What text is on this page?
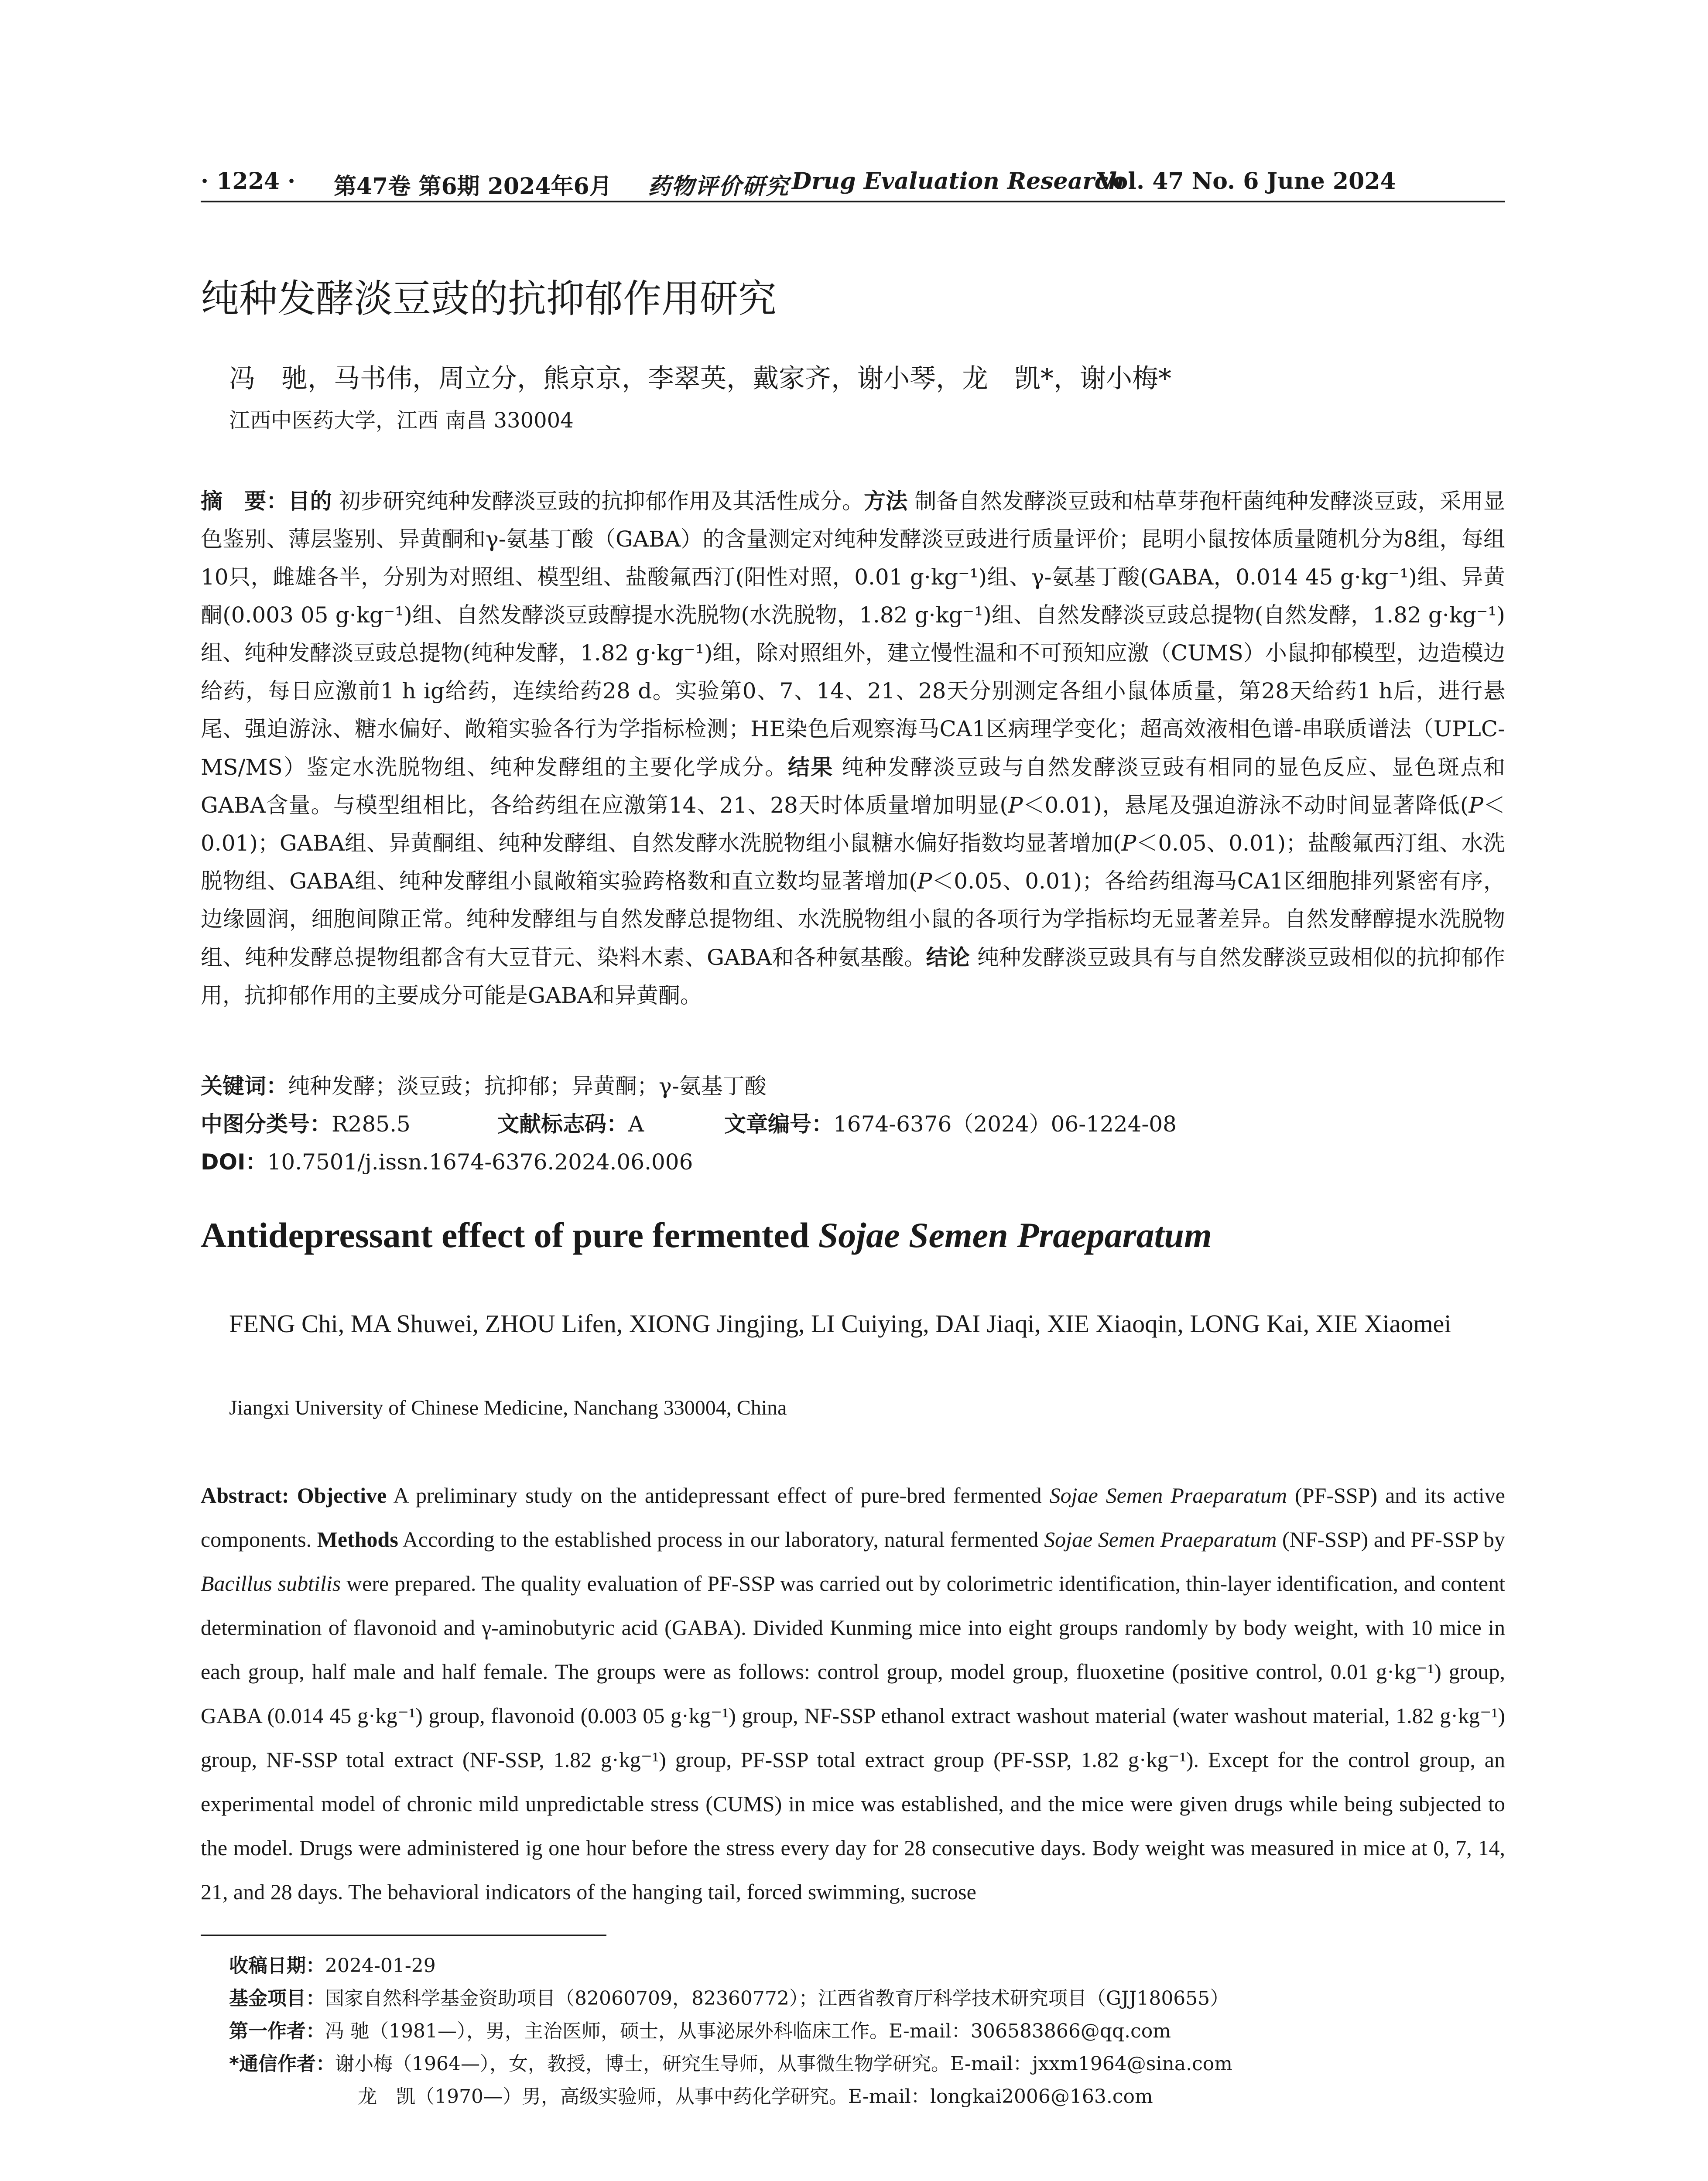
· 1224 · 第47卷 第6期 2024年6月 药物评价研究 Drug Evaluation Research
Vol. 47 No. 6 June 2024
纯种发酵淡豆豉的抗抑郁作用研究
冯　驰，马书伟，周立分，熊京京，李翠英，戴家齐，谢小琴，龙　凯*，谢小梅*
江西中医药大学，江西 南昌 330004
摘　要：目的 初步研究纯种发酵淡豆豉的抗抑郁作用及其活性成分。方法 制备自然发酵淡豆豉和枯草芽孢杆菌纯种发酵淡豆豉，采用显色鉴别、薄层鉴别、异黄酮和γ-氨基丁酸（GABA）的含量测定对纯种发酵淡豆豉进行质量评价；昆明小鼠按体质量随机分为8组，每组10只，雌雄各半，分别为对照组、模型组、盐酸氟西汀(阳性对照，0.01 g·kg⁻¹)组、γ-氨基丁酸(GABA，0.014 45 g·kg⁻¹)组、异黄酮(0.003 05 g·kg⁻¹)组、自然发酵淡豆豉醇提水洗脱物(水洗脱物，1.82 g·kg⁻¹)组、自然发酵淡豆豉总提物(自然发酵，1.82 g·kg⁻¹)组、纯种发酵淡豆豉总提物(纯种发酵，1.82 g·kg⁻¹)组，除对照组外，建立慢性温和不可预知应激（CUMS）小鼠抑郁模型，边造模边给药，每日应激前1 h ig给药，连续给药28 d。实验第0、7、14、21、28天分别测定各组小鼠体质量，第28天给药1 h后，进行悬尾、强迫游泳、糖水偏好、敞箱实验各行为学指标检测；HE染色后观察海马CA1区病理学变化；超高效液相色谱-串联质谱法（UPLC-MS/MS）鉴定水洗脱物组、纯种发酵组的主要化学成分。结果 纯种发酵淡豆豉与自然发酵淡豆豉有相同的显色反应、显色斑点和GABA含量。与模型组相比，各给药组在应激第14、21、28天时体质量增加明显(P＜0.01)，悬尾及强迫游泳不动时间显著降低(P＜0.01)；GABA组、异黄酮组、纯种发酵组、自然发酵水洗脱物组小鼠糖水偏好指数均显著增加(P＜0.05、0.01)；盐酸氟西汀组、水洗脱物组、GABA组、纯种发酵组小鼠敞箱实验跨格数和直立数均显著增加(P＜0.05、0.01)；各给药组海马CA1区细胞排列紧密有序，边缘圆润，细胞间隙正常。纯种发酵组与自然发酵总提物组、水洗脱物组小鼠的各项行为学指标均无显著差异。自然发酵醇提水洗脱物组、纯种发酵总提物组都含有大豆苷元、染料木素、GABA和各种氨基酸。结论 纯种发酵淡豆豉具有与自然发酵淡豆豉相似的抗抑郁作用，抗抑郁作用的主要成分可能是GABA和异黄酮。
关键词：纯种发酵；淡豆豉；抗抑郁；异黄酮；γ-氨基丁酸
中图分类号：R285.5	文献标志码：A	文章编号：1674-6376（2024）06-1224-08
DOI：10.7501/j.issn.1674-6376.2024.06.006
Antidepressant effect of pure fermented Sojae Semen Praeparatum
FENG Chi, MA Shuwei, ZHOU Lifen, XIONG Jingjing, LI Cuiying, DAI Jiaqi, XIE Xiaoqin, LONG Kai, XIE Xiaomei
Jiangxi University of Chinese Medicine, Nanchang 330004, China
Abstract: Objective A preliminary study on the antidepressant effect of pure-bred fermented Sojae Semen Praeparatum (PF-SSP) and its active components. Methods According to the established process in our laboratory, natural fermented Sojae Semen Praeparatum (NF-SSP) and PF-SSP by Bacillus subtilis were prepared. The quality evaluation of PF-SSP was carried out by colorimetric identification, thin-layer identification, and content determination of flavonoid and γ-aminobutyric acid (GABA). Divided Kunming mice into eight groups randomly by body weight, with 10 mice in each group, half male and half female. The groups were as follows: control group, model group, fluoxetine (positive control, 0.01 g·kg⁻¹) group, GABA (0.014 45 g·kg⁻¹) group, flavonoid (0.003 05 g·kg⁻¹) group, NF-SSP ethanol extract washout material (water washout material, 1.82 g·kg⁻¹) group, NF-SSP total extract (NF-SSP, 1.82 g·kg⁻¹) group, PF-SSP total extract group (PF-SSP, 1.82 g·kg⁻¹). Except for the control group, an experimental model of chronic mild unpredictable stress (CUMS) in mice was established, and the mice were given drugs while being subjected to the model. Drugs were administered ig one hour before the stress every day for 28 consecutive days. Body weight was measured in mice at 0, 7, 14, 21, and 28 days. The behavioral indicators of the hanging tail, forced swimming, sucrose
收稿日期：2024-01-29
基金项目：国家自然科学基金资助项目（82060709，82360772）；江西省教育厅科学技术研究项目（GJJ180655）
第一作者：冯 驰（1981—），男，主治医师，硕士，从事泌尿外科临床工作。E-mail：306583866@qq.com
*通信作者：谢小梅（1964—），女，教授，博士，研究生导师，从事微生物学研究。E-mail：jxxm1964@sina.com
龙　凯（1970—）男，高级实验师，从事中药化学研究。E-mail：longkai2006@163.com
